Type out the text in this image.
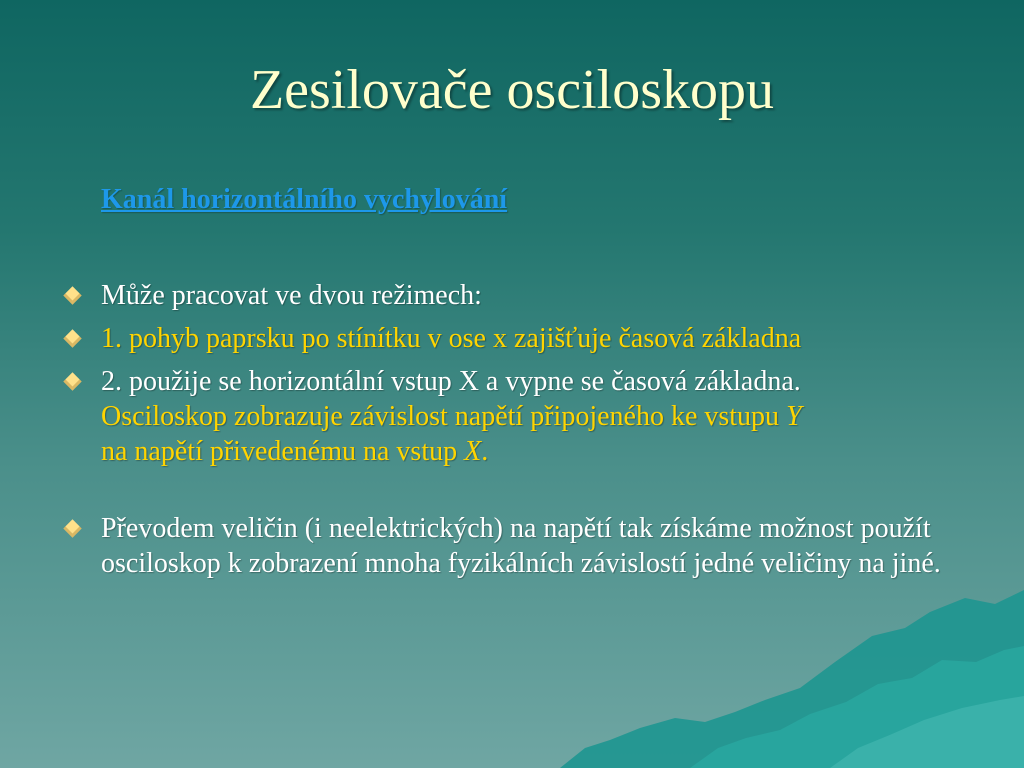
Zesilovače osciloskopu
Kanál horizontálního vychylování
Může pracovat ve dvou režimech:
1. pohyb paprsku po stínítku v ose x zajišťuje časová základna
2. použije se horizontální vstup X a vypne se časová základna.
Osciloskop zobrazuje závislost napětí připojeného ke vstupu Y
na napětí přivedenému na vstup X.
Převodem veličin (i neelektrických) na napětí tak získáme možnost použít osciloskop k zobrazení mnoha fyzikálních závislostí jedné veličiny na jiné.
